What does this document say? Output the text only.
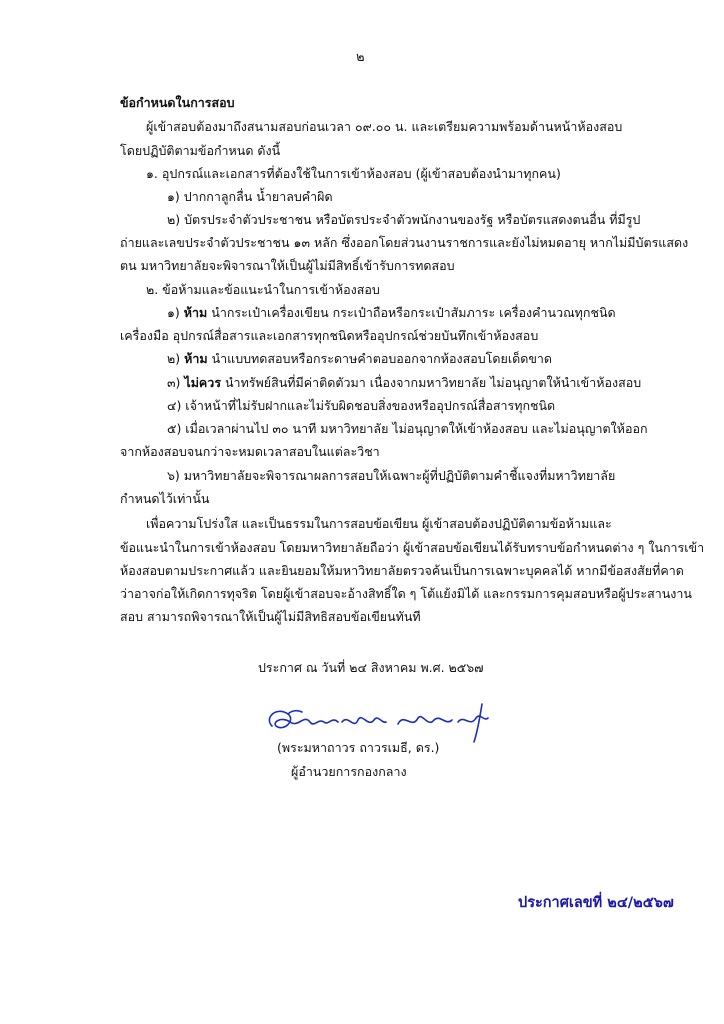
๒
ข้อกำหนดในการสอบ
ผู้เข้าสอบต้องมาถึงสนามสอบก่อนเวลา ๐๙.๐๐ น. และเตรียมความพร้อมด้านหน้าห้องสอบ
โดยปฏิบัติตามข้อกำหนด ดังนี้
๑. อุปกรณ์และเอกสารที่ต้องใช้ในการเข้าห้องสอบ (ผู้เข้าสอบต้องนำมาทุกคน)
๑) ปากกาลูกลื่น น้ำยาลบคำผิด
๒) บัตรประจำตัวประชาชน หรือบัตรประจำตัวพนักงานของรัฐ หรือบัตรแสดงตนอื่น ที่มีรูป
ถ่ายและเลขประจำตัวประชาชน ๑๓ หลัก ซึ่งออกโดยส่วนงานราชการและยังไม่หมดอายุ หากไม่มีบัตรแสดง
ตน มหาวิทยาลัยจะพิจารณาให้เป็นผู้ไม่มีสิทธิ์เข้ารับการทดสอบ
๒. ข้อห้ามและข้อแนะนำในการเข้าห้องสอบ
๑) ห้าม นำกระเป๋าเครื่องเขียน กระเป๋าถือหรือกระเป๋าสัมภาระ เครื่องคำนวณทุกชนิด
เครื่องมือ อุปกรณ์สื่อสารและเอกสารทุกชนิดหรืออุปกรณ์ช่วยบันทึกเข้าห้องสอบ
๒) ห้าม นำแบบทดสอบหรือกระดาษคำตอบออกจากห้องสอบโดยเด็ดขาด
๓) ไม่ควร นำทรัพย์สินที่มีค่าติดตัวมา เนื่องจากมหาวิทยาลัย ไม่อนุญาตให้นำเข้าห้องสอบ
๔) เจ้าหน้าที่ไม่รับฝากและไม่รับผิดชอบสิ่งของหรืออุปกรณ์สื่อสารทุกชนิด
๕) เมื่อเวลาผ่านไป ๓๐ นาที มหาวิทยาลัย ไม่อนุญาตให้เข้าห้องสอบ และไม่อนุญาตให้ออก
จากห้องสอบจนกว่าจะหมดเวลาสอบในแต่ละวิชา
๖) มหาวิทยาลัยจะพิจารณาผลการสอบให้เฉพาะผู้ที่ปฏิบัติตามคำชี้แจงที่มหาวิทยาลัย
กำหนดไว้เท่านั้น
เพื่อความโปร่งใส และเป็นธรรมในการสอบข้อเขียน ผู้เข้าสอบต้องปฏิบัติตามข้อห้ามและ
ข้อแนะนำในการเข้าห้องสอบ โดยมหาวิทยาลัยถือว่า ผู้เข้าสอบข้อเขียนได้รับทราบข้อกำหนดต่าง ๆ ในการเข้า
ห้องสอบตามประกาศแล้ว และยินยอมให้มหาวิทยาลัยตรวจค้นเป็นการเฉพาะบุคคลได้ หากมีข้อสงสัยที่คาด
ว่าอาจก่อให้เกิดการทุจริต โดยผู้เข้าสอบจะอ้างสิทธิ์ใด ๆ โต้แย้งมิได้ และกรรมการคุมสอบหรือผู้ประสานงาน
สอบ สามารถพิจารณาให้เป็นผู้ไม่มีสิทธิสอบข้อเขียนทันที
ประกาศ ณ วันที่ ๒๔ สิงหาคม พ.ศ. ๒๕๖๗
(พระมหาถาวร ถาวรเมธี, ดร.)
ผู้อำนวยการกองกลาง
ประกาศเลขที่ ๒๔/๒๕๖๗
